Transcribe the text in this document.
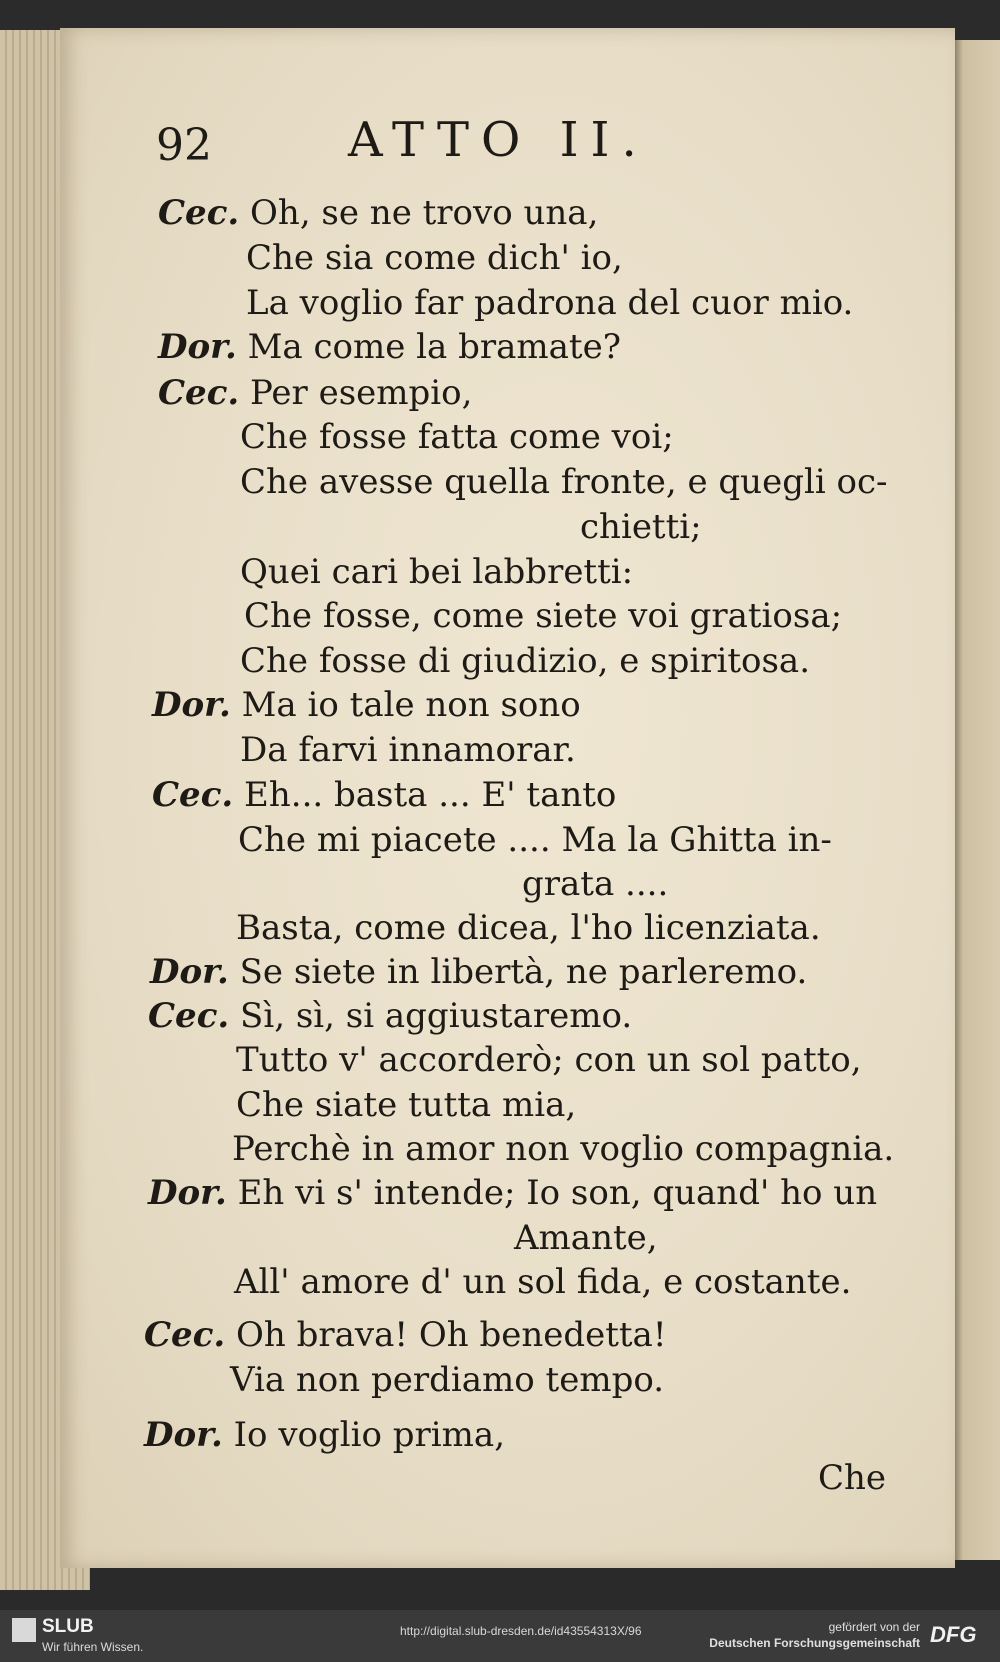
92	ATTO II.
Cec. Oh, se ne trovo una,
Che sia come dich' io,
La voglio far padrona del cuor mio.
Dor. Ma come la bramate?
Cec. Per esempio,
Che fosse fatta come voi;
Che avesse quella fronte, e quegli oc-
chietti;
Quei cari bei labbretti:
Che fosse, come siete voi gratiosa;
Che fosse di giudizio, e spiritosa.
Dor. Ma io tale non sono
Da farvi innamorar.
Cec. Eh... basta ... E' tanto
Che mi piacete .... Ma la Ghitta in-
grata ....
Basta, come dicea, l'ho licenziata.
Dor. Se siete in libertà, ne parleremo.
Cec. Sì, sì, si aggiustaremo.
Tutto v' accorderò; con un sol patto,
Che siate tutta mia,
Perchè in amor non voglio compagnia.
Dor. Eh vi s' intende; Io son, quand' ho un
Amante,
All' amore d' un sol fida, e costante.
Cec. Oh brava! Oh benedetta!
Via non perdiamo tempo.
Dor. Io voglio prima,
Che
SLUB
Wir führen Wissen.
http://digital.slub-dresden.de/id43554313X/96	gefördert von der
Deutschen Forschungsgemeinschaft DFG
